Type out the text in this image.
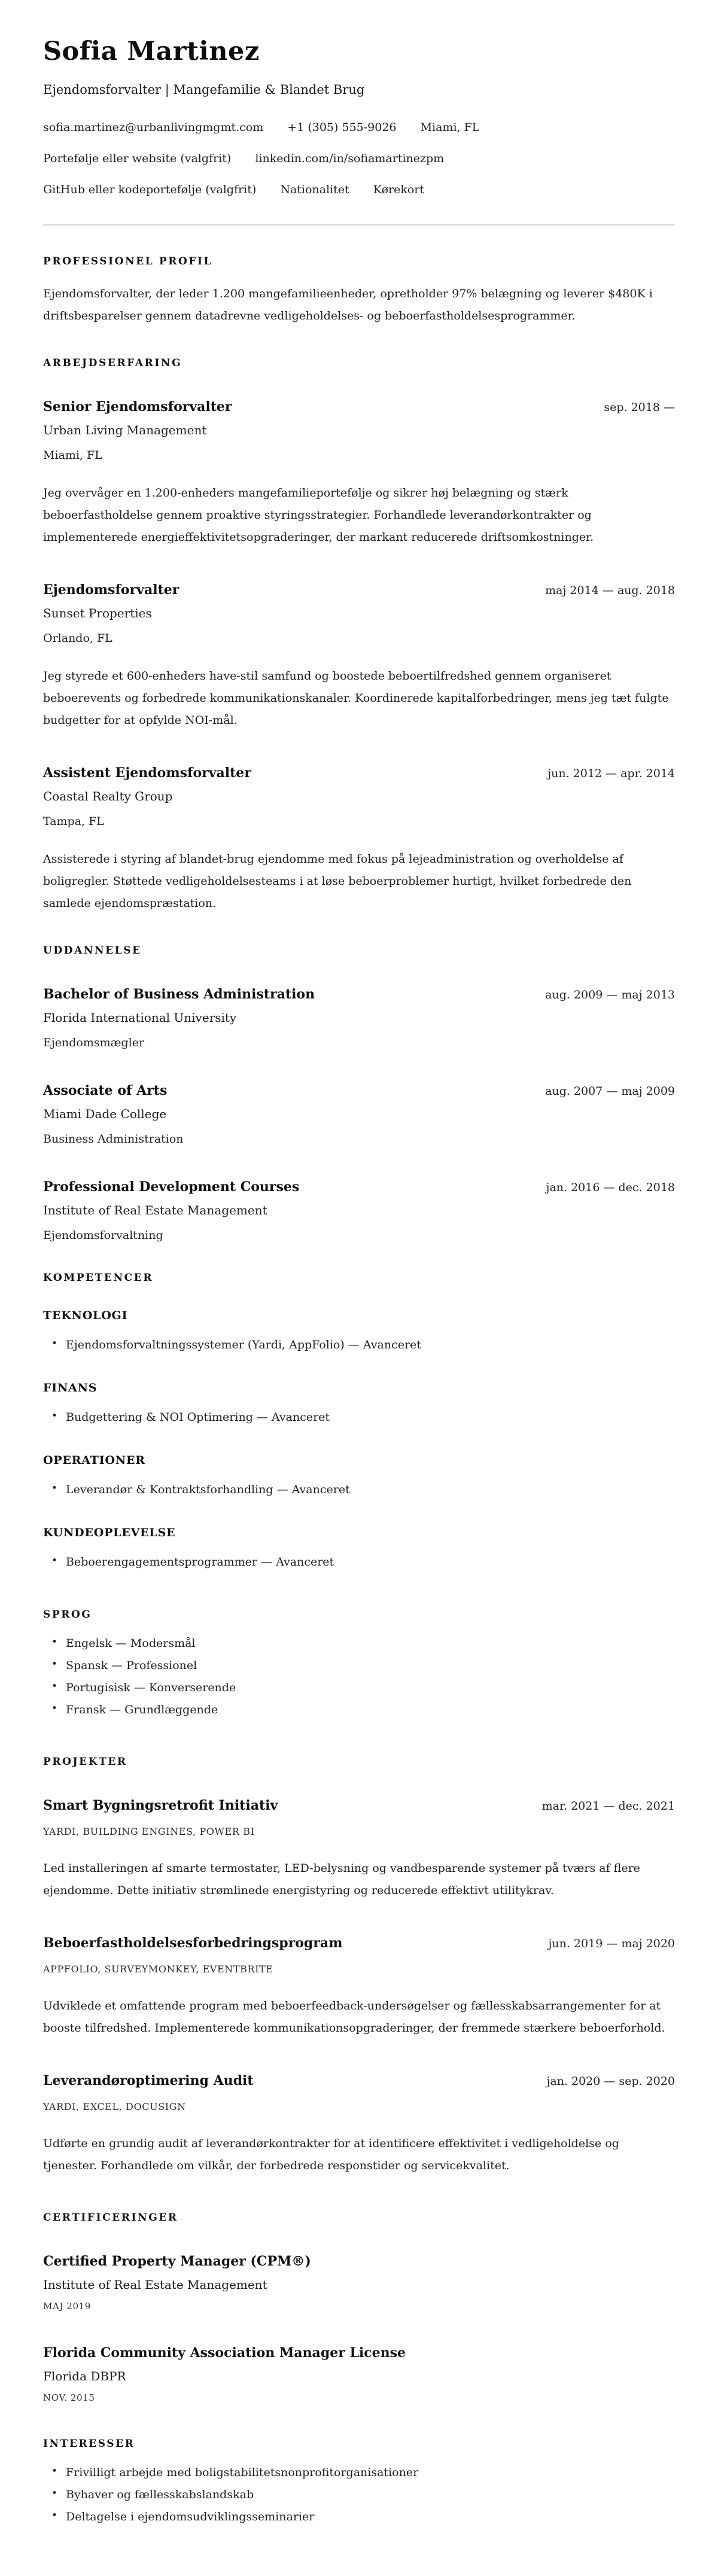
Sofia Martinez

Ejendomsforvalter | Mangefamilie & Blandet Brug

sofia.martinez@urbanlivingmgmt.com +1 (305) 555-9026 Miami, FL

Portefølje eller website (valgfrit) linkedin.com/in/sofiamartinezpm

GitHub eller kodeportefølje (valgfrit) Nationalitet Kørekort

PROFESSIONEL PROFIL

Ejendomsforvalter, der leder 1.200 mangefamilieenheder, opretholder 97% belægning og leverer $480K i driftsbesparelser gennem datadrevne vedligeholdelses- og beboerfastholdelsesprogrammer.

ARBEJDSERFARING
Senior Ejendomsforvalter	sep. 2018 —

Urban Living Management

Miami, FL

Jeg overvåger en 1.200-enheders mangefamilieportefølje og sikrer høj belægning og stærk beboerfastholdelse gennem proaktive styringsstrategier. Forhandlede leverandørkontrakter og implementerede energieffektivitetsopgraderinger, der markant reducerede driftsomkostninger.

Ejendomsforvalter	maj 2014 — aug. 2018

Sunset Properties

Orlando, FL

Jeg styrede et 600-enheders have-stil samfund og boostede beboertilfredshed gennem organiseret beboerevents og forbedrede kommunikationskanaler. Koordinerede kapitalforbedringer, mens jeg tæt fulgte budgetter for at opfylde NOI-mål.

Assistent Ejendomsforvalter	jun. 2012 — apr. 2014

Coastal Realty Group

Tampa, FL

Assisterede i styring af blandet-brug ejendomme med fokus på lejeadministration og overholdelse af boligregler. Støttede vedligeholdelsesteams i at løse beboerproblemer hurtigt, hvilket forbedrede den samlede ejendomspræstation.

UDDANNELSE
Bachelor of Business Administration	aug. 2009 — maj 2013

Florida International University

Ejendomsmægler

Associate of Arts	aug. 2007 — maj 2009

Miami Dade College

Business Administration

Professional Development Courses	jan. 2016 — dec. 2018

Institute of Real Estate Management

Ejendomsforvaltning

KOMPETENCER
TEKNOLOGI
• Ejendomsforvaltningssystemer (Yardi, AppFolio) — Avanceret
FINANS
• Budgettering & NOI Optimering — Avanceret
OPERATIONER
• Leverandør & Kontraktsforhandling — Avanceret
KUNDEOPLEVELSE
• Beboerengagementsprogrammer — Avanceret
SPROG
• Engelsk — Modersmål
• Spansk — Professionel
• Portugisisk — Konverserende
• Fransk — Grundlæggende
PROJEKTER
Smart Bygningsretrofit Initiativ	mar. 2021 — dec. 2021

YARDI, BUILDING ENGINES, POWER BI

Led installeringen af smarte termostater, LED-belysning og vandbesparende systemer på tværs af flere ejendomme. Dette initiativ strømlinede energistyring og reducerede effektivt utilitykrav.

Beboerfastholdelsesforbedringsprogram	jun. 2019 — maj 2020

APPFOLIO, SURVEYMONKEY, EVENTBRITE

Udviklede et omfattende program med beboerfeedback-undersøgelser og fællesskabsarrangementer for at booste tilfredshed. Implementerede kommunikationsopgraderinger, der fremmede stærkere beboerforhold.

Leverandøroptimering Audit	jan. 2020 — sep. 2020

YARDI, EXCEL, DOCUSIGN

Udførte en grundig audit af leverandørkontrakter for at identificere effektivitet i vedligeholdelse og tjenester. Forhandlede om vilkår, der forbedrede responstider og servicekvalitet.

CERTIFICERINGER
Certified Property Manager (CPM®)

Institute of Real Estate Management

MAJ 2019

Florida Community Association Manager License

Florida DBPR

NOV. 2015

INTERESSER
• Frivilligt arbejde med boligstabilitetsnonprofitorganisationer
• Byhaver og fællesskabslandskab
• Deltagelse i ejendomsudviklingsseminarier
